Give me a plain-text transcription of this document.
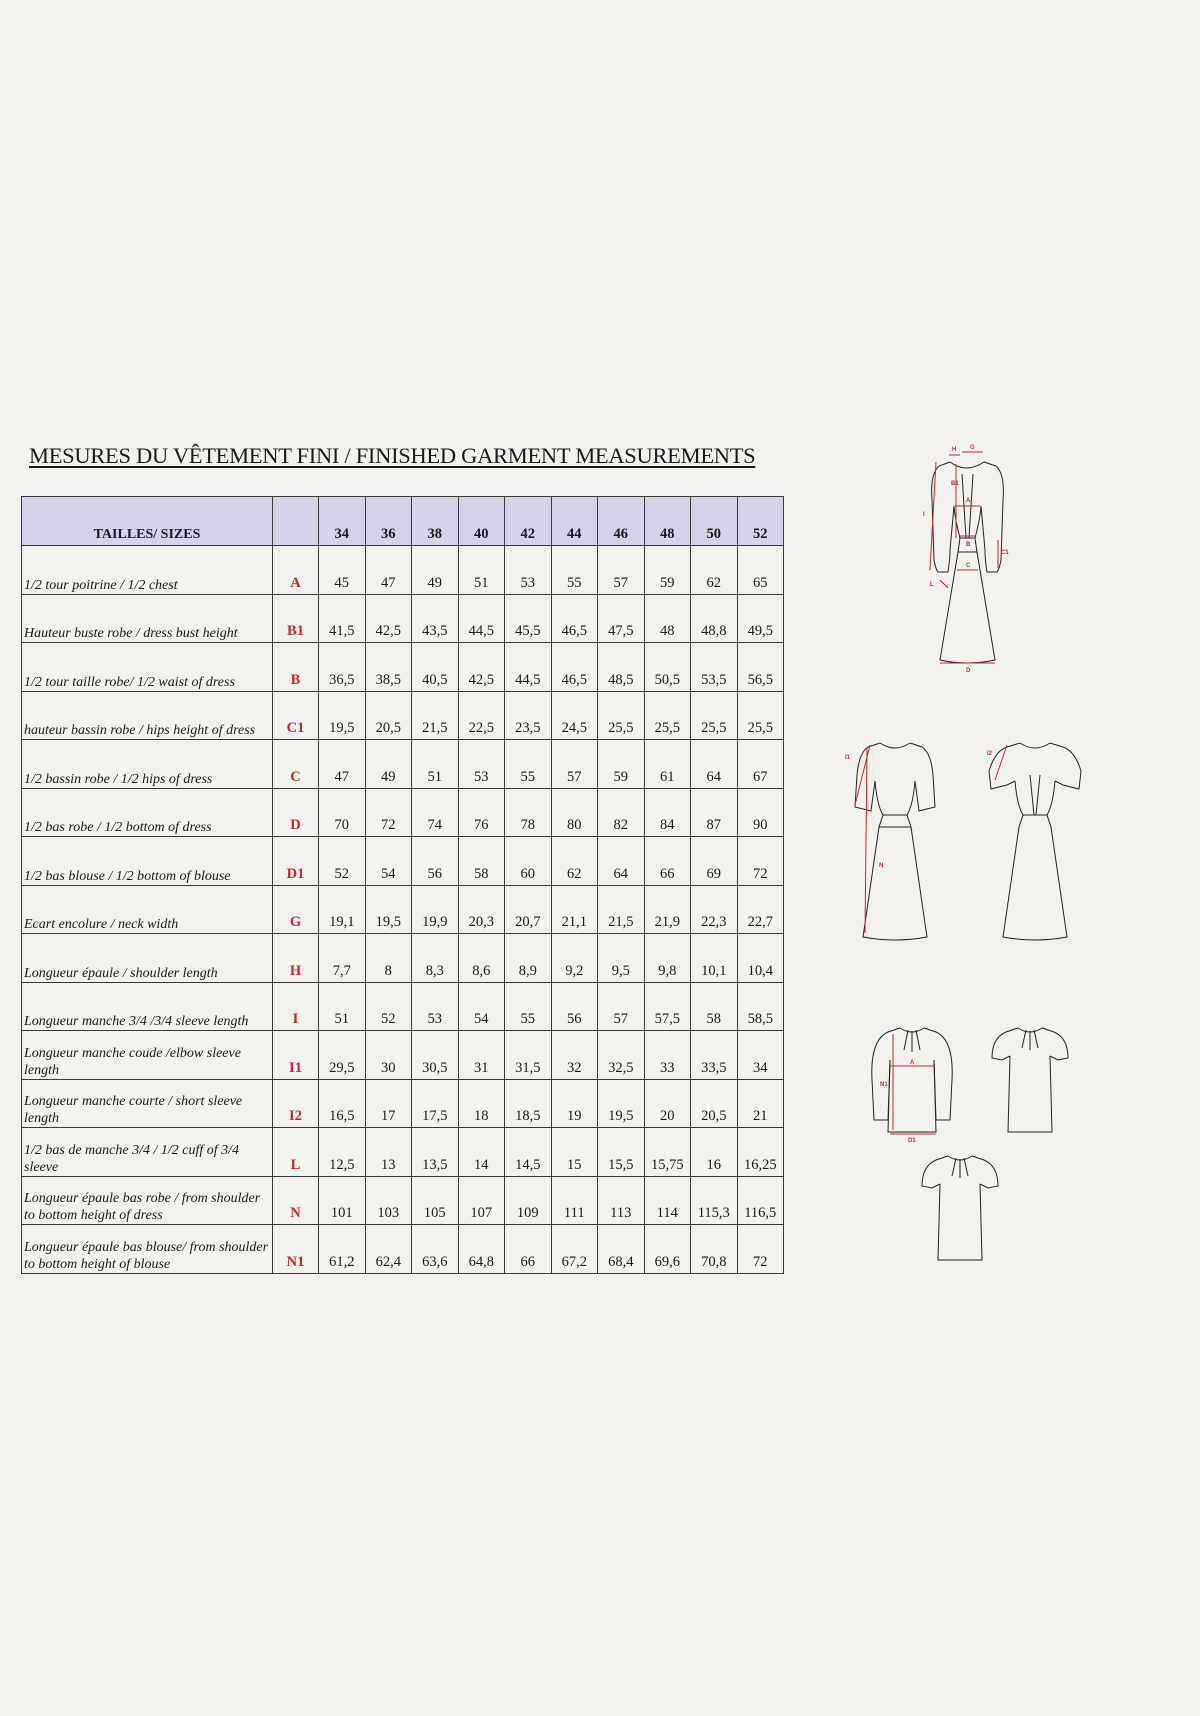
MESURES DU VÊTEMENT FINI / FINISHED GARMENT MEASUREMENTS
TAILLES/ SIZES		34	36	38	40	42	44	46	48	50	52
1/2 tour poitrine / 1/2 chest	A	45	47	49	51	53	55	57	59	62	65
Hauteur buste robe / dress bust height	B1	41,5	42,5	43,5	44,5	45,5	46,5	47,5	48	48,8	49,5
1/2 tour taille robe/ 1/2 waist of dress	B	36,5	38,5	40,5	42,5	44,5	46,5	48,5	50,5	53,5	56,5
hauteur bassin robe / hips height of dress	C1	19,5	20,5	21,5	22,5	23,5	24,5	25,5	25,5	25,5	25,5
1/2 bassin robe / 1/2 hips of dress	C	47	49	51	53	55	57	59	61	64	67
1/2 bas robe / 1/2 bottom of dress	D	70	72	74	76	78	80	82	84	87	90
1/2 bas blouse / 1/2 bottom of blouse	D1	52	54	56	58	60	62	64	66	69	72
Ecart encolure / neck width	G	19,1	19,5	19,9	20,3	20,7	21,1	21,5	21,9	22,3	22,7
Longueur épaule / shoulder length	H	7,7	8	8,3	8,6	8,9	9,2	9,5	9,8	10,1	10,4
Longueur manche 3/4 /3/4 sleeve length	I	51	52	53	54	55	56	57	57,5	58	58,5
Longueur manche coude /elbow sleeve length	I1	29,5	30	30,5	31	31,5	32	32,5	33	33,5	34
Longueur manche courte / short sleeve length	I2	16,5	17	17,5	18	18,5	19	19,5	20	20,5	21
1/2 bas de manche 3/4 / 1/2 cuff of 3/4 sleeve	L	12,5	13	13,5	14	14,5	15	15,5	15,75	16	16,25
Longueur épaule bas robe / from shoulder to bottom height of dress	N	101	103	105	107	109	111	113	114	115,3	116,5
Longueur épaule bas blouse/ from shoulder to bottom height of blouse	N1	61,2	62,4	63,6	64,8	66	67,2	68,4	69,6	70,8	72
H G
B1
A
I
B
C1
C
L
D
I1
N
I2
A
N1
D1
